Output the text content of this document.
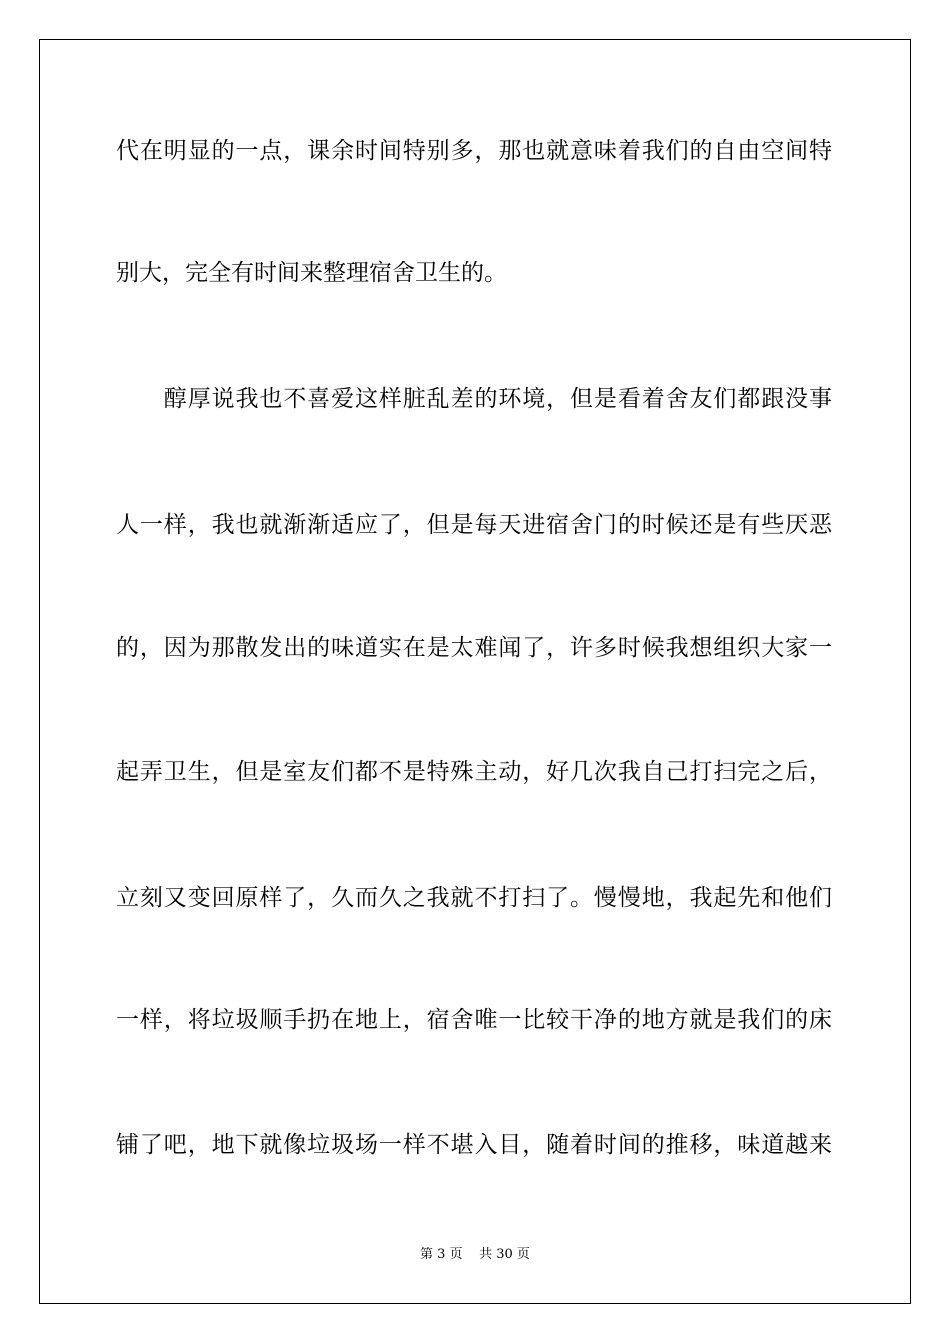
代在明显的一点，课余时间特别多，那也就意味着我们的自由空间特
别大，完全有时间来整理宿舍卫生的。
　　醇厚说我也不喜爱这样脏乱差的环境，但是看着舍友们都跟没事
人一样，我也就渐渐适应了，但是每天进宿舍门的时候还是有些厌恶
的，因为那散发出的味道实在是太难闻了，许多时候我想组织大家一
起弄卫生，但是室友们都不是特殊主动，好几次我自己打扫完之后，
立刻又变回原样了，久而久之我就不打扫了。慢慢地，我起先和他们
一样，将垃圾顺手扔在地上，宿舍唯一比较干净的地方就是我们的床
铺了吧，地下就像垃圾场一样不堪入目，随着时间的推移，味道越来
第 3 页 共 30 页
